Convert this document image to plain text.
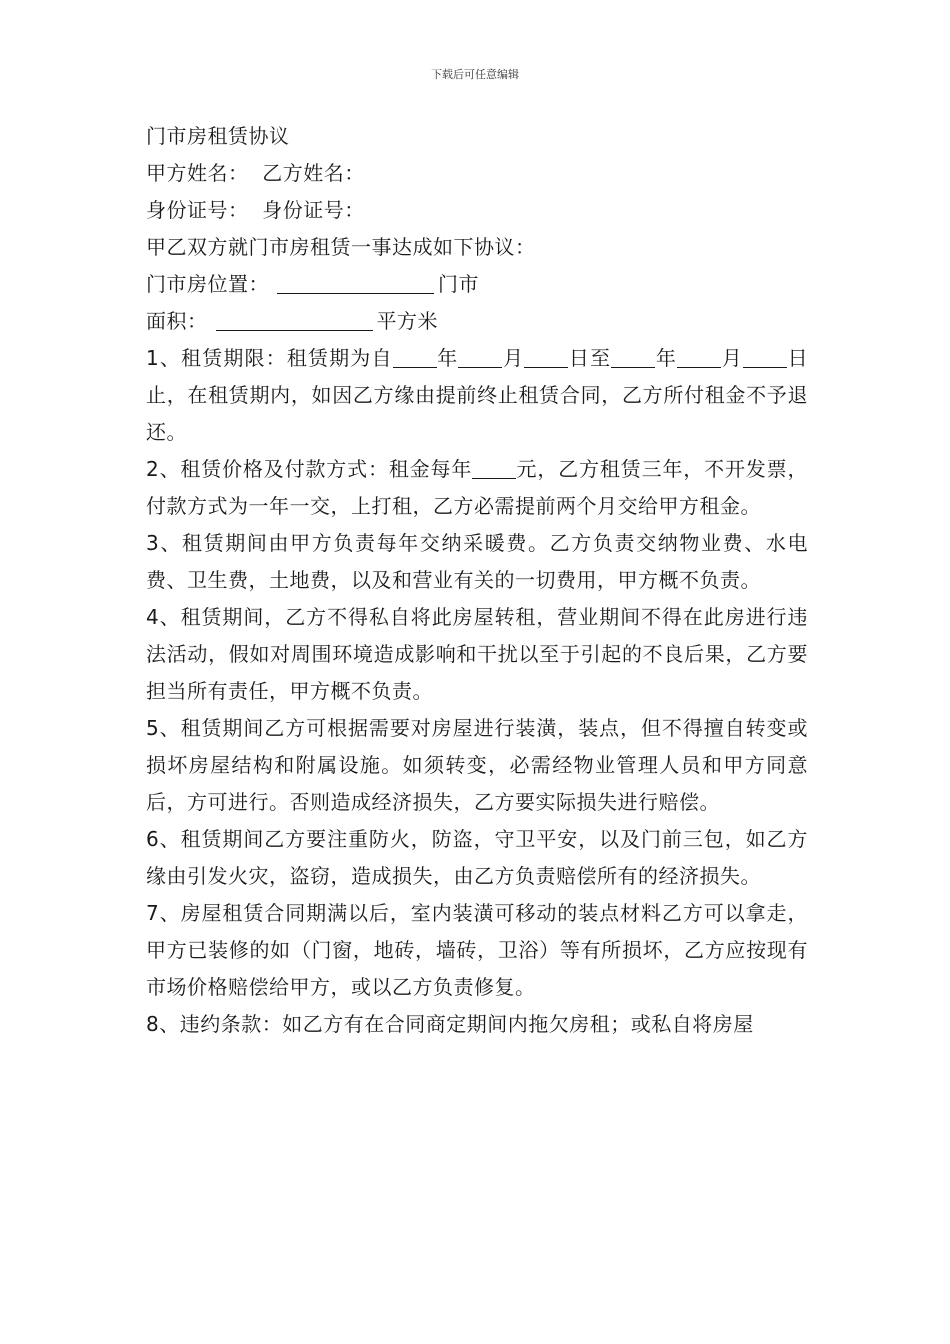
下载后可任意编辑
门市房租赁协议
甲方姓名：  乙方姓名：
身份证号：  身份证号：
甲乙双方就门市房租赁一事达成如下协议：
门市房位置：	门市
面积：	平方米

1、租赁期限：租赁期为自 年 月 日至 年 月 日止，在租赁期内，如因乙方缘由提前终止租赁合同，乙方所付租金不予退还。

2、租赁价格及付款方式：租金每年 元，乙方租赁三年，不开发票，付款方式为一年一交，上打租，乙方必需提前两个月交给甲方租金。

3、租赁期间由甲方负责每年交纳采暖费。乙方负责交纳物业费、水电费、卫生费，土地费，以及和营业有关的一切费用，甲方概不负责。

4、租赁期间，乙方不得私自将此房屋转租，营业期间不得在此房进行违法活动，假如对周围环境造成影响和干扰以至于引起的不良后果，乙方要担当所有责任，甲方概不负责。

5、租赁期间乙方可根据需要对房屋进行装潢，装点，但不得擅自转变或损坏房屋结构和附属设施。如须转变，必需经物业管理人员和甲方同意后，方可进行。否则造成经济损失，乙方要实际损失进行赔偿。

6、租赁期间乙方要注重防火，防盗，守卫平安，以及门前三包，如乙方缘由引发火灾，盗窃，造成损失，由乙方负责赔偿所有的经济损失。

7、房屋租赁合同期满以后，室内装潢可移动的装点材料乙方可以拿走，甲方已装修的如（门窗，地砖，墙砖，卫浴）等有所损坏，乙方应按现有市场价格赔偿给甲方，或以乙方负责修复。

8、违约条款：如乙方有在合同商定期间内拖欠房租；或私自将房屋
